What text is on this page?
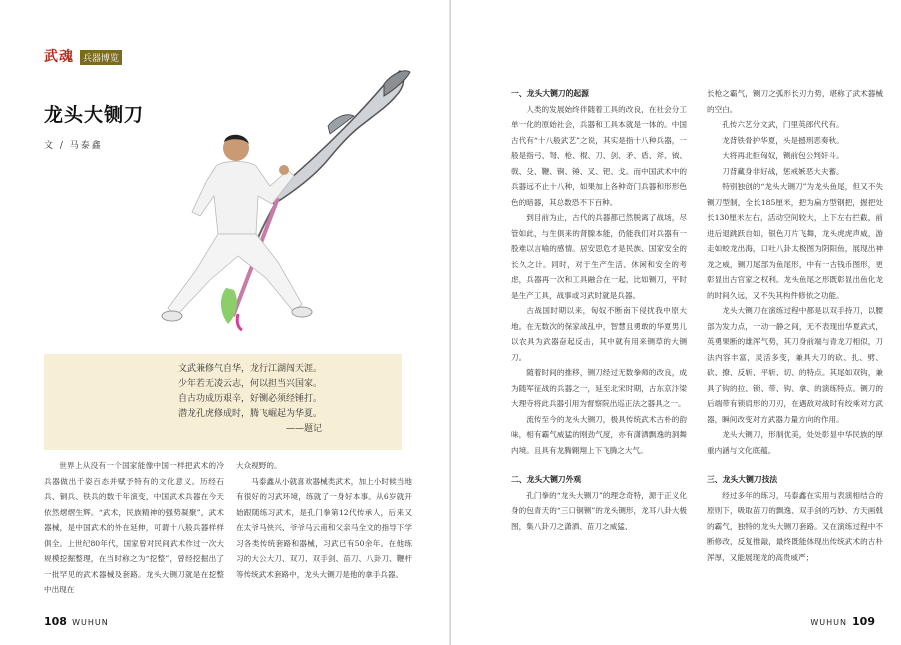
武魂	兵器博览
龙头大铡刀
文 / 马泰鑫
文武兼修气自华，龙行江湖闯天涯。
少年若无凌云志，何以担当兴国家。
自古功成历艰辛，好铡必须经锤打。
潜龙孔虎修成时，腾飞崛起为华夏。
——题记

世界上从没有一个国家能像中国一样把武术的冷兵器做出千姿百态并赋予特有的文化意义。历经石兵、铜兵、铁兵的数千年演变，中国武术兵器在今天依然熠熠生辉。“武术，民族精神的强势凝聚”，武术器械，是中国武术的外在延伸，可谓十八般兵器样样俱全。上世纪80年代，国家曾对民间武术作过一次大规模挖掘整理，在当时称之为“挖整”，曾经挖掘出了一批罕见的武术器械及套路。龙头大铡刀就是在挖整中出现在

大众视野的。

马泰鑫从小就喜欢器械类武术，加上小时候当地有很好的习武环境，练就了一身好本事。从6岁就开始跟随练习武术，是孔门拳第12代传承人，后来又在太爷马侠兴、爷爷马云甫和父亲马全文的指导下学习各类传统套路和器械，习武已有50余年。在他练习的大公大刀、双刀、双手剑、苗刀、八卦刀、鞭杆等传统武术套路中，龙头大铡刀是他的拿手兵器。

108 WUHUN
一、龙头大铡刀的起源

人类的发展始终伴随着工具的改良，在社会分工单一化的原始社会，兵器和工具本就是一体的。中国古代有“十八般武艺”之说，其实是指十八种兵器，一般是指弓、弩、枪、棍、刀、剑、矛、盾、斧、钺、戟、殳、鞭、锏、锤、叉、钯、戈。而中国武术中的兵器远不止十八种，如果加上各种奇门兵器和形形色色的暗器，其总数恐不下百种。

到目前为止，古代的兵器都已然脱离了战场，尽管如此，与生俱来的肾腺本能，仍能我们对兵器有一股难以言喻的感情。居安思危才是民族、国家安全的长久之计。同时，对于生产生活、休闲和安全的考虑，兵器再一次和工具融合在一起，比如铡刀，平时是生产工具，战事或习武时就是兵器。

古战国时期以来，匈奴不断南下侵扰我中原大地。在无数次的保家战乱中，智慧且勇敢的华夏男儿以农具为武器奋起反击，其中就有用来铡草的大铡刀。

随着时间的推移，铡刀经过无数拳师的改良，成为随军征战的兵器之一，延至北宋时期，古东京汴梁大理寺将此兵器引用为督察院出巡正法之器具之一。

流传至今的龙头大铡刀，极具传统武术古朴的韵味，相有霸气威猛的刚劲气度，亦有潇洒飘逸的洞舞内境。且具有龙腾翱翔上下飞腾之大气。

二、龙头大铡刀外观

孔门拳的“龙头大铡刀”的理念奇特，源于正义化身的包青天的“三口铜铡”的龙头铡形，龙耳八卦大极图，集八卦刀之潇洒、苗刀之威猛、

长枪之霸气，铡刀之弧形长刃力势，堪称了武术器械的空白。

孔传六艺分文武，门里英郎代代有。

龙背铁骨护华夏，头是撼刑恶奏秋。

大将再北拒匈奴，铡前包公判奸斗。

刀背藏身非好战，惩戒嫉恶大夫蓄。

特别独创的“龙头大铡刀”为龙头鱼尾，但又不失铡刀型制，全长185厘米，把为扁方型钢把，握把处长130厘米左右，活动空间较大，上下左右拦截，前进后退跳跃自如，银色刀片飞舞，龙头虎虎声威，游走如蛟龙出海，口吐八卦太极图为阴阳鱼，展现出神龙之威，铡刀尾部为鱼尾形，中有一古钱币图形，更彰显出古官家之权利。龙头鱼尾之形既彰显出鱼化龙的时间久远，又不失其构件修依之功能。

龙头大铡刀在演练过程中都是以双手持刀，以腰部为发力点，一动一静之间，无不表现出华夏武式，英勇果断的雄浑气势，其刀身前端与青龙刀相似，刀法内容丰富，灵活多变，兼具大刀的砍、扎、劈、砍、撩、反斩、平斩、切、的特点。其尾如双钩，兼具了钩的拉、锁、带、钩、拿、的演练特点。铡刀的后端带有锁肩形的刀刃，在遇敌对战时有绞乘对方武器，瞬间改变对方武器力量方向的作用。

龙头大铡刀，形制优美，处处彰显中华民族的厚重内涵与文化底蕴。

三、龙头大铡刀技法

经过多年的练习，马泰鑫在实用与表演相结合的原则下，吸取苗刀的飘逸、双手剑的巧妙、方天画戟的霸气，独特的龙头大铡刀套路。又在演练过程中不断修改，反复推敲，最终既能体现出传统武术的古朴浑厚，又能展现龙的高贵威严；

WUHUN 109
